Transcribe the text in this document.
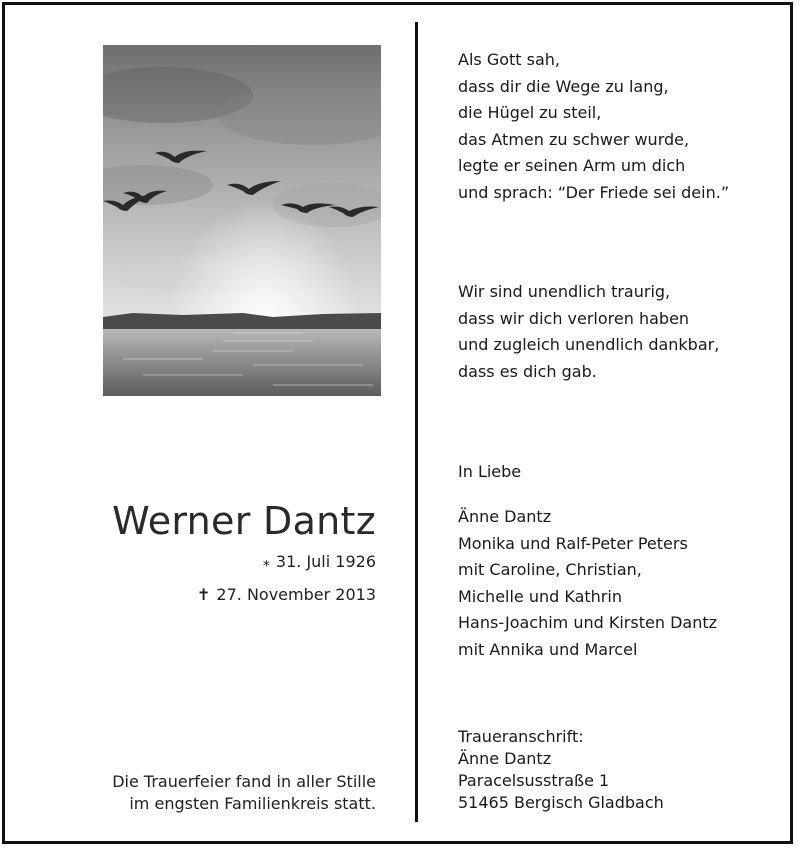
Werner Dantz
⁎ 31. Juli 1926
✝ 27. November 2013
Die Trauerfeier fand in aller Stille
im engsten Familienkreis statt.
Als Gott sah,
dass dir die Wege zu lang,
die Hügel zu steil,
das Atmen zu schwer wurde,
legte er seinen Arm um dich
und sprach: “Der Friede sei dein.”
Wir sind unendlich traurig,
dass wir dich verloren haben
und zugleich unendlich dankbar,
dass es dich gab.
In Liebe
Änne Dantz
Monika und Ralf-Peter Peters
mit Caroline, Christian,
Michelle und Kathrin
Hans-Joachim und Kirsten Dantz
mit Annika und Marcel
Traueranschrift:
Änne Dantz
Paracelsusstraße 1
51465 Bergisch Gladbach
